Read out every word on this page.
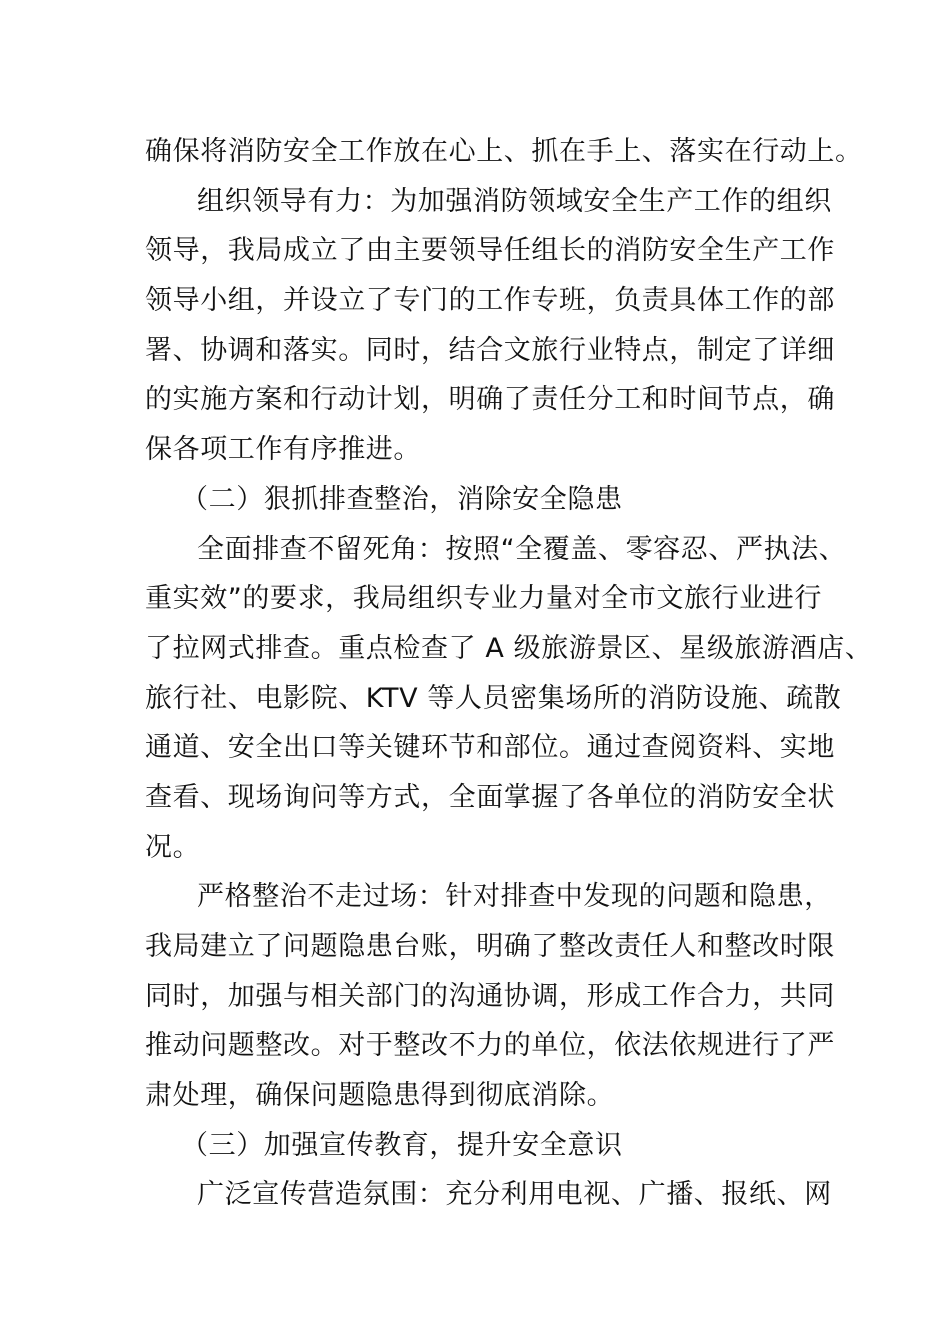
确保将消防安全工作放在心上、抓在手上、落实在行动上。
组织领导有力：为加强消防领域安全生产工作的组织
领导，我局成立了由主要领导任组长的消防安全生产工作
领导小组，并设立了专门的工作专班，负责具体工作的部
署、协调和落实。同时，结合文旅行业特点，制定了详细
的实施方案和行动计划，明确了责任分工和时间节点，确
保各项工作有序推进。
（二）狠抓排查整治，消除安全隐患
全面排查不留死角：按照“全覆盖、零容忍、严执法、
重实效”的要求，我局组织专业力量对全市文旅行业进行
了拉网式排查。重点检查了 A 级旅游景区、星级旅游酒店、
旅行社、电影院、KTV 等人员密集场所的消防设施、疏散
通道、安全出口等关键环节和部位。通过查阅资料、实地
查看、现场询问等方式，全面掌握了各单位的消防安全状
况。
严格整治不走过场：针对排查中发现的问题和隐患，
我局建立了问题隐患台账，明确了整改责任人和整改时限
同时，加强与相关部门的沟通协调，形成工作合力，共同
推动问题整改。对于整改不力的单位，依法依规进行了严
肃处理，确保问题隐患得到彻底消除。
（三）加强宣传教育，提升安全意识
广泛宣传营造氛围：充分利用电视、广播、报纸、网
